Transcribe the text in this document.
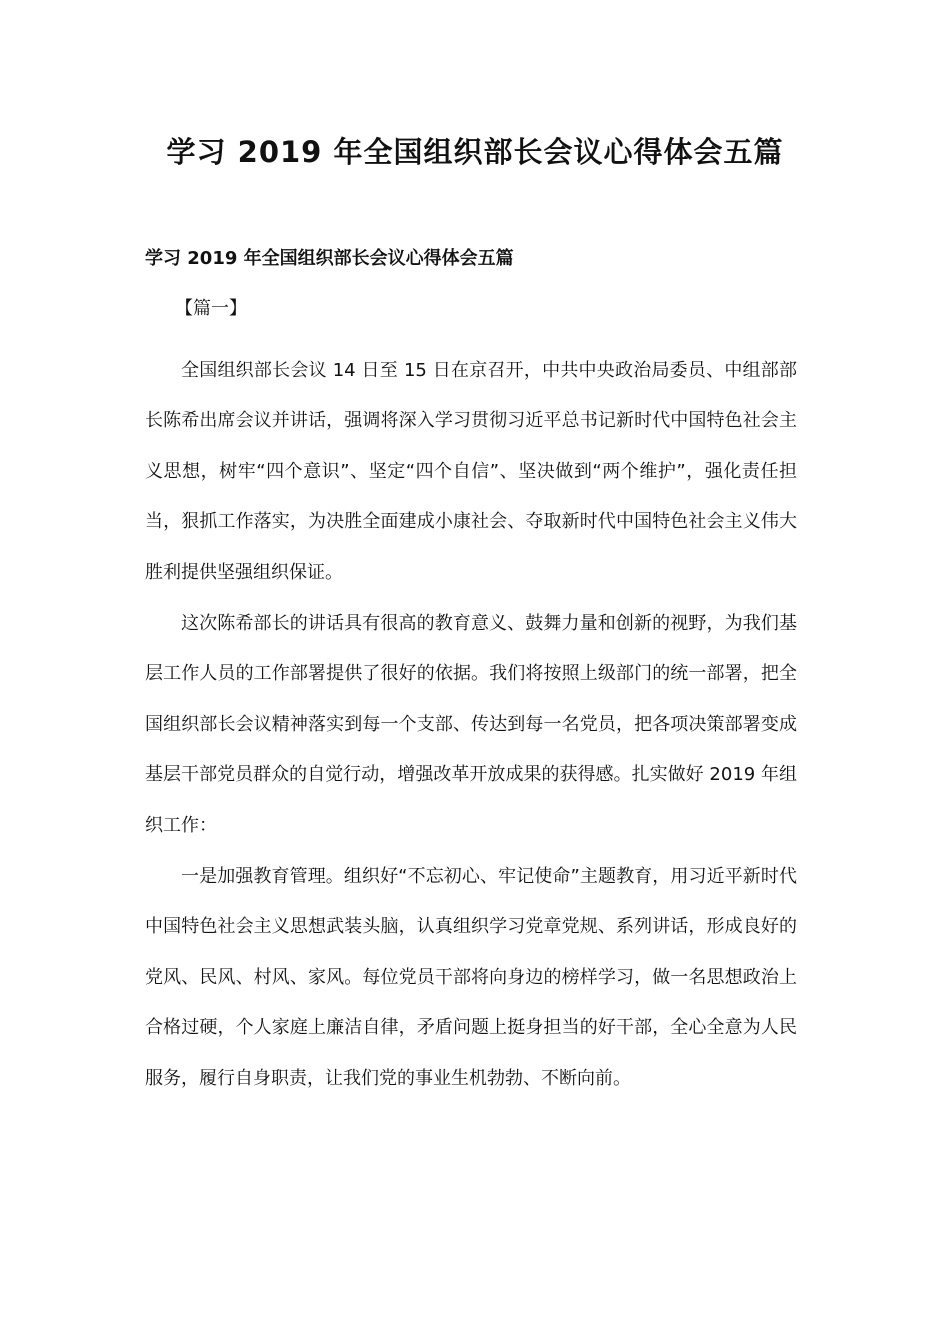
学习 2019 年全国组织部长会议心得体会五篇

学习 2019 年全国组织部长会议心得体会五篇

【篇一】

全国组织部长会议 14 日至 15 日在京召开，中共中央政治局委员、中组部部长陈希出席会议并讲话，强调将深入学习贯彻习近平总书记新时代中国特色社会主义思想，树牢“四个意识”、坚定“四个自信”、坚决做到“两个维护”，强化责任担当，狠抓工作落实，为决胜全面建成小康社会、夺取新时代中国特色社会主义伟大胜利提供坚强组织保证。

这次陈希部长的讲话具有很高的教育意义、鼓舞力量和创新的视野，为我们基层工作人员的工作部署提供了很好的依据。我们将按照上级部门的统一部署，把全国组织部长会议精神落实到每一个支部、传达到每一名党员，把各项决策部署变成基层干部党员群众的自觉行动，增强改革开放成果的获得感。扎实做好 2019 年组织工作：

一是加强教育管理。组织好“不忘初心、牢记使命”主题教育，用习近平新时代中国特色社会主义思想武装头脑，认真组织学习党章党规、系列讲话，形成良好的党风、民风、村风、家风。每位党员干部将向身边的榜样学习，做一名思想政治上合格过硬，个人家庭上廉洁自律，矛盾问题上挺身担当的好干部，全心全意为人民服务，履行自身职责，让我们党的事业生机勃勃、不断向前。
